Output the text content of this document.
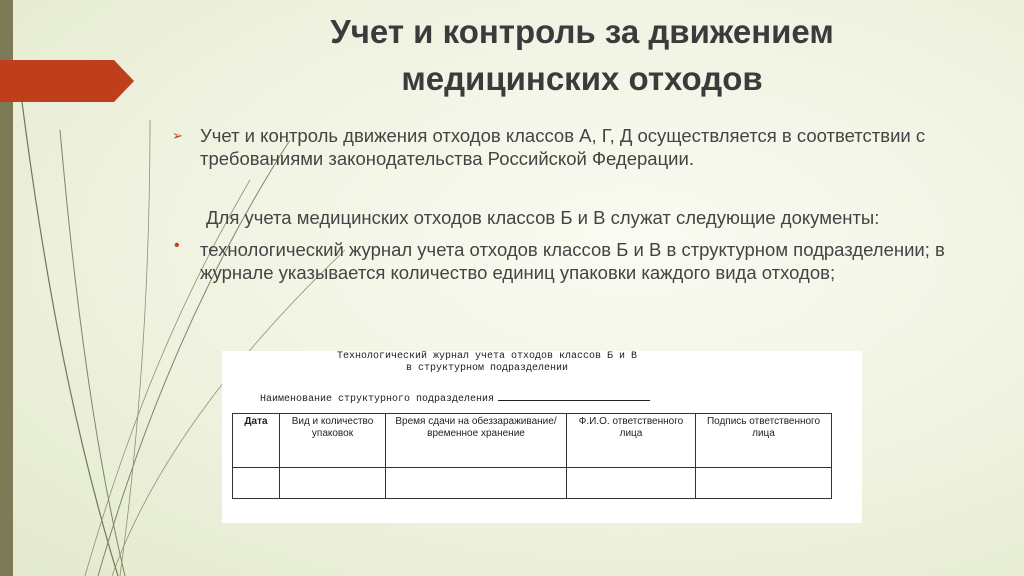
Учет и контроль за движением
медицинских отходов
➢ Учет и контроль движения отходов классов А, Г, Д осуществляется в соответствии с требованиями законодательства Российской Федерации.

Для учета медицинских отходов классов Б и В служат следующие документы:

• технологический журнал учета отходов классов Б и В в структурном подразделении; в журнале указывается количество единиц упаковки каждого вида отходов;

Технологический журнал учета отходов классов Б и В
в структурном подразделении
Наименование структурного подразделения
Дата	Вид и количество упаковок	Время сдачи на обеззараживание/ временное хранение	Ф.И.О. ответственного лица	Подпись ответственного лица
